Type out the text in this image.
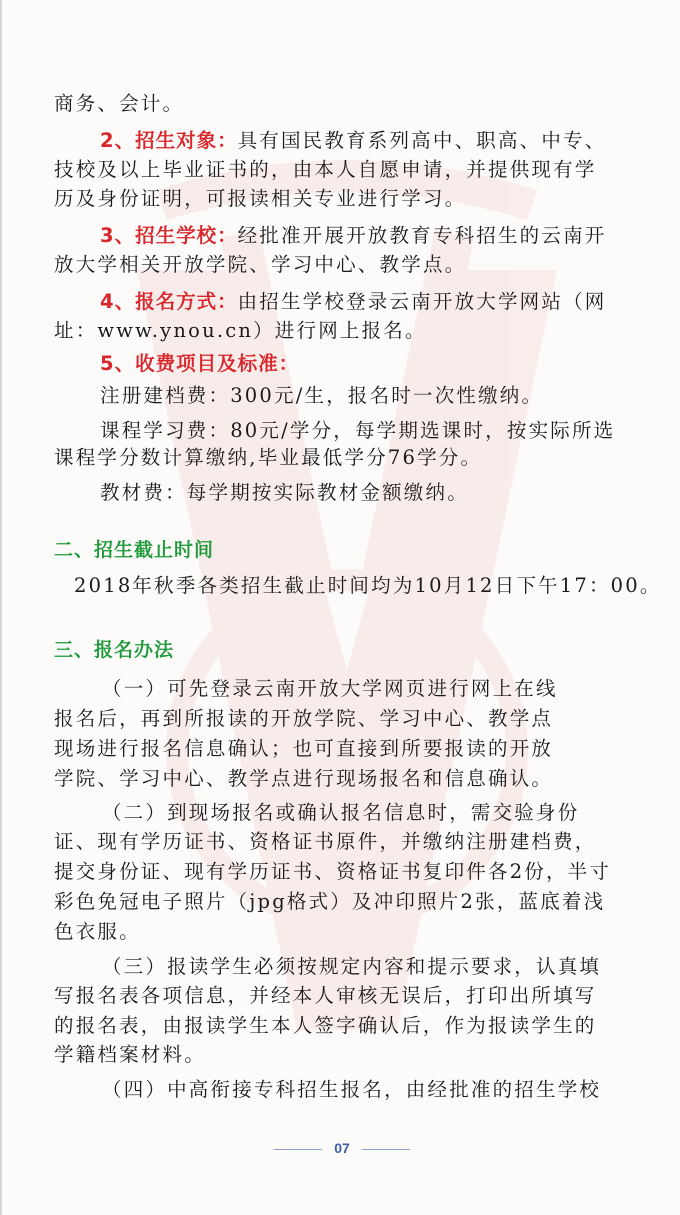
商务、会计。
2、招生对象：具有国民教育系列高中、职高、中专、
技校及以上毕业证书的，由本人自愿申请，并提供现有学
历及身份证明，可报读相关专业进行学习。
3、招生学校：经批准开展开放教育专科招生的云南开
放大学相关开放学院、学习中心、教学点。
4、报名方式：由招生学校登录云南开放大学网站（网
址：www.ynou.cn）进行网上报名。
5、收费项目及标准：
注册建档费：300元/生，报名时一次性缴纳。
课程学习费：80元/学分，每学期选课时，按实际所选
课程学分数计算缴纳,毕业最低学分76学分。
教材费：每学期按实际教材金额缴纳。
二、招生截止时间
2018年秋季各类招生截止时间均为10月12日下午17：00。
三、报名办法
（一）可先登录云南开放大学网页进行网上在线
报名后，再到所报读的开放学院、学习中心、教学点
现场进行报名信息确认；也可直接到所要报读的开放
学院、学习中心、教学点进行现场报名和信息确认。
（二）到现场报名或确认报名信息时，需交验身份
证、现有学历证书、资格证书原件，并缴纳注册建档费，
提交身份证、现有学历证书、资格证书复印件各2份，半寸
彩色免冠电子照片（jpg格式）及冲印照片2张，蓝底着浅
色衣服。
（三）报读学生必须按规定内容和提示要求，认真填
写报名表各项信息，并经本人审核无误后，打印出所填写
的报名表，由报读学生本人签字确认后，作为报读学生的
学籍档案材料。
（四）中高衔接专科招生报名，由经批准的招生学校
07
